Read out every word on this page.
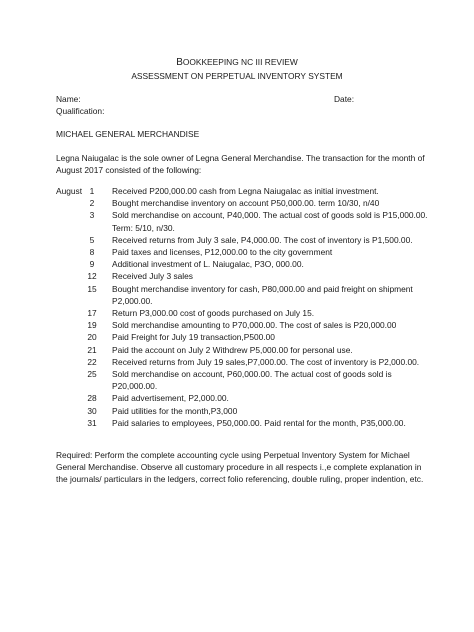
BOOKKEEPING NC III REVIEW
ASSESSMENT ON PERPETUAL INVENTORY SYSTEM
Name:	Date:
Qualification:
MICHAEL GENERAL MERCHANDISE
Legna Naiugalac is the sole owner of Legna General Merchandise. The transaction for the month of August 2017 consisted of the following:
August 1	Received P200,000.00 cash from Legna Naiugalac as initial investment.
2	Bought merchandise inventory on account P50,000.00. term 10/30, n/40
3	Sold merchandise on account, P40,000. The actual cost of goods sold is P15,000.00. Term: 5/10, n/30.
5	Received returns from July 3 sale, P4,000.00. The cost of inventory is P1,500.00.
8	Paid taxes and licenses, P12,000.00 to the city government
9	Additional investment of L. Naiugalac, P3O, 000.00.
12	Received July 3 sales
15	Bought merchandise inventory for cash, P80,000.00 and paid freight on shipment P2,000.00.
17	Return P3,000.00 cost of goods purchased on July 15.
19	Sold merchandise amounting to P70,000.00. The cost of sales is P20,000.00
20	Paid Freight for July 19 transaction,P500.00
21	Paid the account on July 2 Withdrew P5,000.00 for personal use.
22	Received returns from July 19 sales,P7,000.00. The cost of inventory is P2,000.00.
25	Sold merchandise on account, P60,000.00. The actual cost of goods sold is P20,000.00.
28	Paid advertisement, P2,000.00.
30	Paid utilities for the month,P3,000
31	Paid salaries to employees, P50,000.00. Paid rental for the month, P35,000.00.
Required: Perform the complete accounting cycle using Perpetual Inventory System for Michael General Merchandise. Observe all customary procedure in all respects i.,e complete explanation in the journals/ particulars in the ledgers, correct folio referencing, double ruling, proper indention, etc.
